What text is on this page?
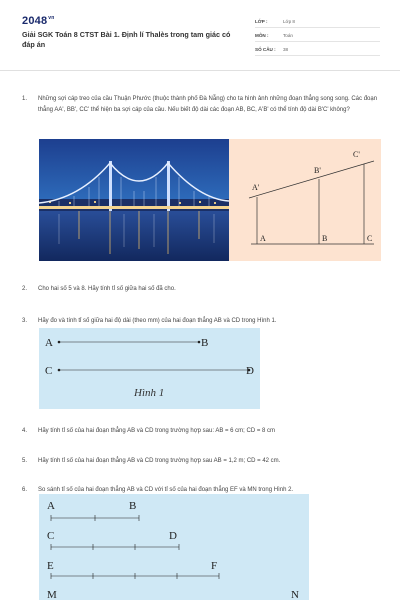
$2048^{vn}$
Giải SGK Toán 8 CTST Bài 1. Định lí Thalès trong tam giác có đáp án
LỚP :	Lớp 8
MÔN :	Toán
SỐ CÂU :	38
1. Những sợi cáp treo của cầu Thuận Phước (thuộc thành phố Đà Nẵng) cho ta hình ảnh những đoạn thẳng song song. Các đoạn thẳng AA', BB', CC' thể hiện ba sợi cáp của cầu. Nếu biết độ dài các đoạn AB, BC, A'B' có thể tính độ dài B'C' không?
A'
B'
C'
A	B	C
2. Cho hai số 5 và 8. Hãy tính tỉ số giữa hai số đã cho.
3. Hãy đo và tính tỉ số giữa hai độ dài (theo mm) của hai đoạn thẳng AB và CD trong Hình 1.
A	B
C	D
Hình 1
4. Hãy tính tỉ số của hai đoạn thẳng AB và CD trong trường hợp sau: AB = 6 cm; CD = 8 cm
5. Hãy tính tỉ số của hai đoạn thẳng AB và CD trong trường hợp sau AB = 1,2 m; CD = 42 cm.
6. So sánh tỉ số của hai đoạn thẳng AB và CD với tỉ số của hai đoạn thẳng EF và MN trong Hình 2.
A	B
C	D
E	F
M	N
